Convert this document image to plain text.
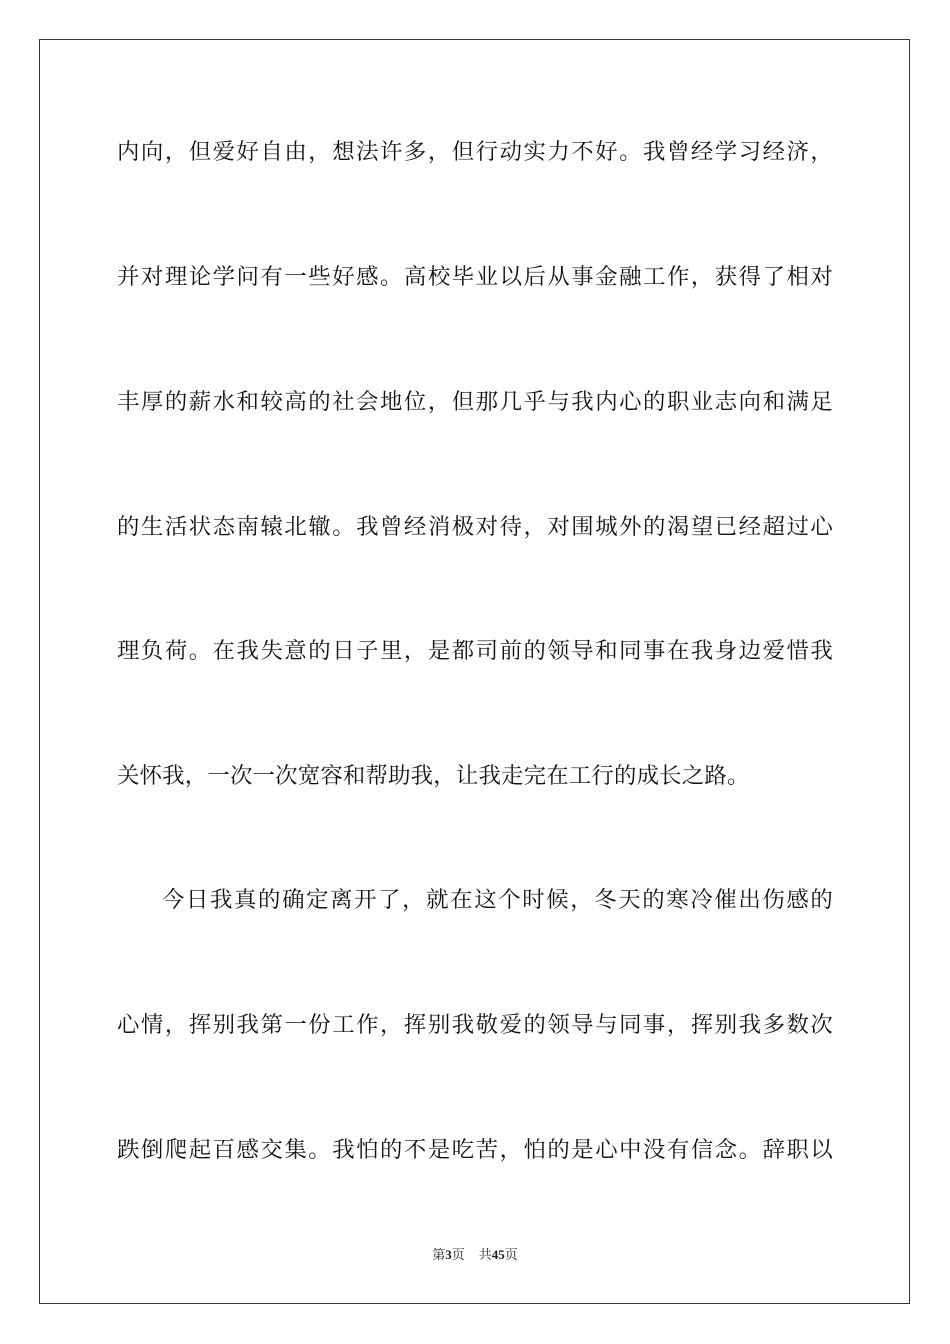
内向，但爱好自由，想法许多，但行动实力不好。我曾经学习经济，
并对理论学问有一些好感。高校毕业以后从事金融工作，获得了相对
丰厚的薪水和较高的社会地位，但那几乎与我内心的职业志向和满足
的生活状态南辕北辙。我曾经消极对待，对围城外的渴望已经超过心
理负荷。在我失意的日子里，是都司前的领导和同事在我身边爱惜我
关怀我，一次一次宽容和帮助我，让我走完在工行的成长之路。
今日我真的确定离开了，就在这个时候，冬天的寒冷催出伤感的
心情，挥别我第一份工作，挥别我敬爱的领导与同事，挥别我多数次
跌倒爬起百感交集。我怕的不是吃苦，怕的是心中没有信念。辞职以
第3页 共45页
